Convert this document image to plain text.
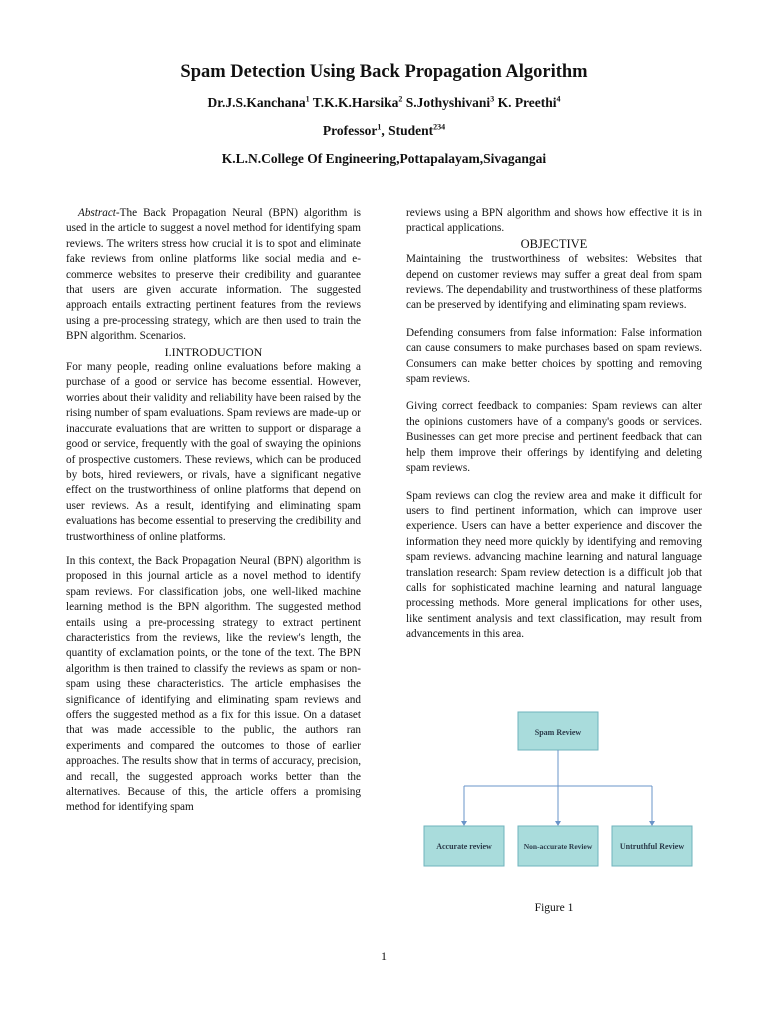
Spam Detection Using Back Propagation Algorithm
Dr.J.S.Kanchana$^1$ T.K.K.Harsika$^2$ S.Jothyshivani$^3$ K. Preethi$^4$
Professor$^1$, Student$^{234}$
K.L.N.College Of Engineering,Pottapalayam,Sivagangai

Abstract-The Back Propagation Neural (BPN) algorithm is used in the article to suggest a novel method for identifying spam reviews. The writers stress how crucial it is to spot and eliminate fake reviews from online platforms like social media and e-commerce websites to preserve their credibility and guarantee that users are given accurate information. The suggested approach entails extracting pertinent features from the reviews using a pre-processing strategy, which are then used to train the BPN algorithm. Scenarios.

I.INTRODUCTION

For many people, reading online evaluations before making a purchase of a good or service has become essential. However, worries about their validity and reliability have been raised by the rising number of spam evaluations. Spam reviews are made-up or inaccurate evaluations that are written to support or disparage a good or service, frequently with the goal of swaying the opinions of prospective customers. These reviews, which can be produced by bots, hired reviewers, or rivals, have a significant negative effect on the trustworthiness of online platforms that depend on user reviews. As a result, identifying and eliminating spam evaluations has become essential to preserving the credibility and trustworthiness of online platforms.

In this context, the Back Propagation Neural (BPN) algorithm is proposed in this journal article as a novel method to identify spam reviews. For classification jobs, one well-liked machine learning method is the BPN algorithm. The suggested method entails using a pre-processing strategy to extract pertinent characteristics from the reviews, like the review's length, the quantity of exclamation points, or the tone of the text. The BPN algorithm is then trained to classify the reviews as spam or non-spam using these characteristics. The article emphasises the significance of identifying and eliminating spam reviews and offers the suggested method as a fix for this issue. On a dataset that was made accessible to the public, the authors ran experiments and compared the outcomes to those of earlier approaches. The results show that in terms of accuracy, precision, and recall, the suggested approach works better than the alternatives. Because of this, the article offers a promising method for identifying spam

reviews using a BPN algorithm and shows how effective it is in practical applications.

OBJECTIVE

Maintaining the trustworthiness of websites: Websites that depend on customer reviews may suffer a great deal from spam reviews. The dependability and trustworthiness of these platforms can be preserved by identifying and eliminating spam reviews.

Defending consumers from false information: False information can cause consumers to make purchases based on spam reviews. Consumers can make better choices by spotting and removing spam reviews.

Giving correct feedback to companies: Spam reviews can alter the opinions customers have of a company's goods or services. Businesses can get more precise and pertinent feedback that can help them improve their offerings by identifying and deleting spam reviews.

Spam reviews can clog the review area and make it difficult for users to find pertinent information, which can improve user experience. Users can have a better experience and discover the information they need more quickly by identifying and removing spam reviews. advancing machine learning and natural language translation research: Spam review detection is a difficult job that calls for sophisticated machine learning and natural language processing methods. More general implications for other uses, like sentiment analysis and text classification, may result from advancements in this area.

Spam Review
Accurate review	Non-accurate Review	Untruthful Review
Figure 1
1
